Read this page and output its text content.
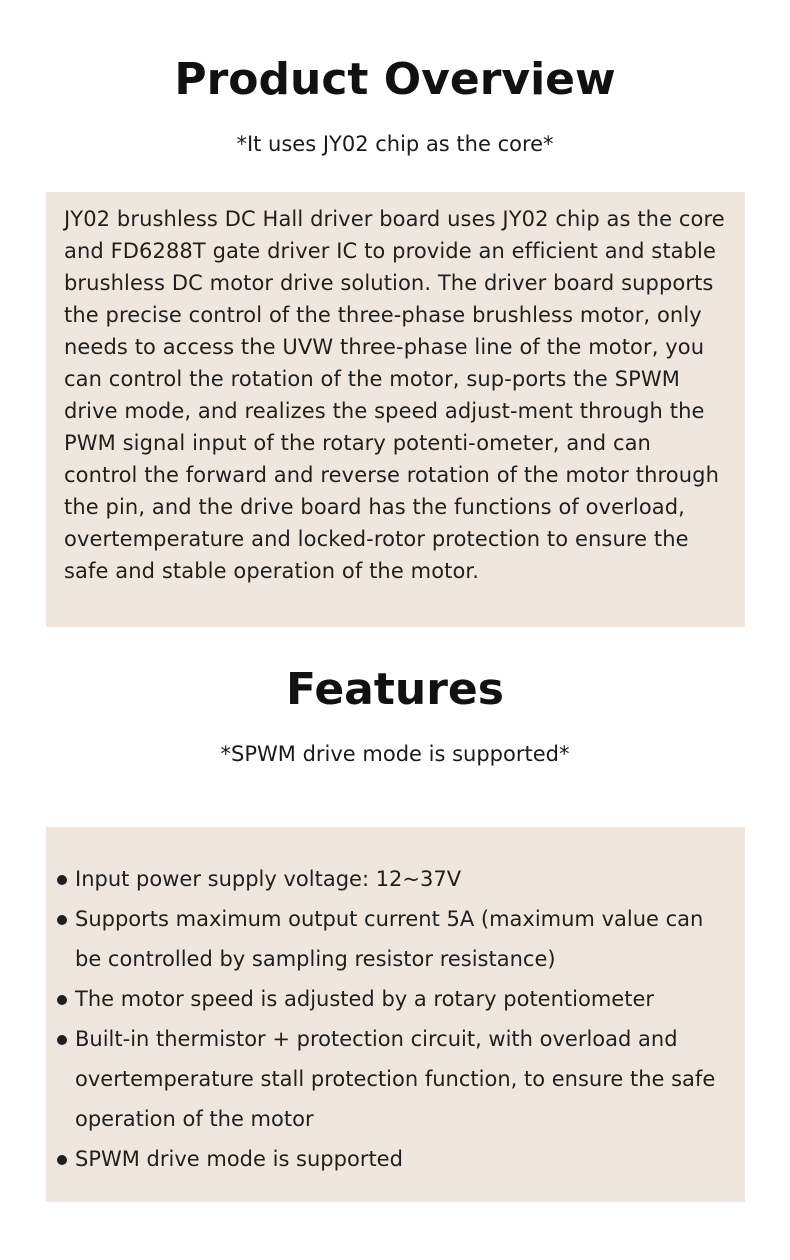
Product Overview

*It uses JY02 chip as the core*

JY02 brushless DC Hall driver board uses JY02 chip as the core and FD6288T gate driver IC to provide an efficient and stable brushless DC motor drive solution. The driver board supports the precise control of the three-phase brushless motor, only needs to access the UVW three-phase line of the motor, you can control the rotation of the motor, sup-ports the SPWM drive mode, and realizes the speed adjust-ment through the PWM signal input of the rotary potenti-ometer, and can control the forward and reverse rotation of the motor through the pin, and the drive board has the functions of overload, overtemperature and locked-rotor protection to ensure the safe and stable operation of the motor.

Features

*SPWM drive mode is supported*

Input power supply voltage: 12~37V
Supports maximum output current 5A (maximum value can be controlled by sampling resistor resistance)
The motor speed is adjusted by a rotary potentiometer
Built-in thermistor + protection circuit, with overload and overtemperature stall protection function, to ensure the safe operation of the motor
SPWM drive mode is supported
